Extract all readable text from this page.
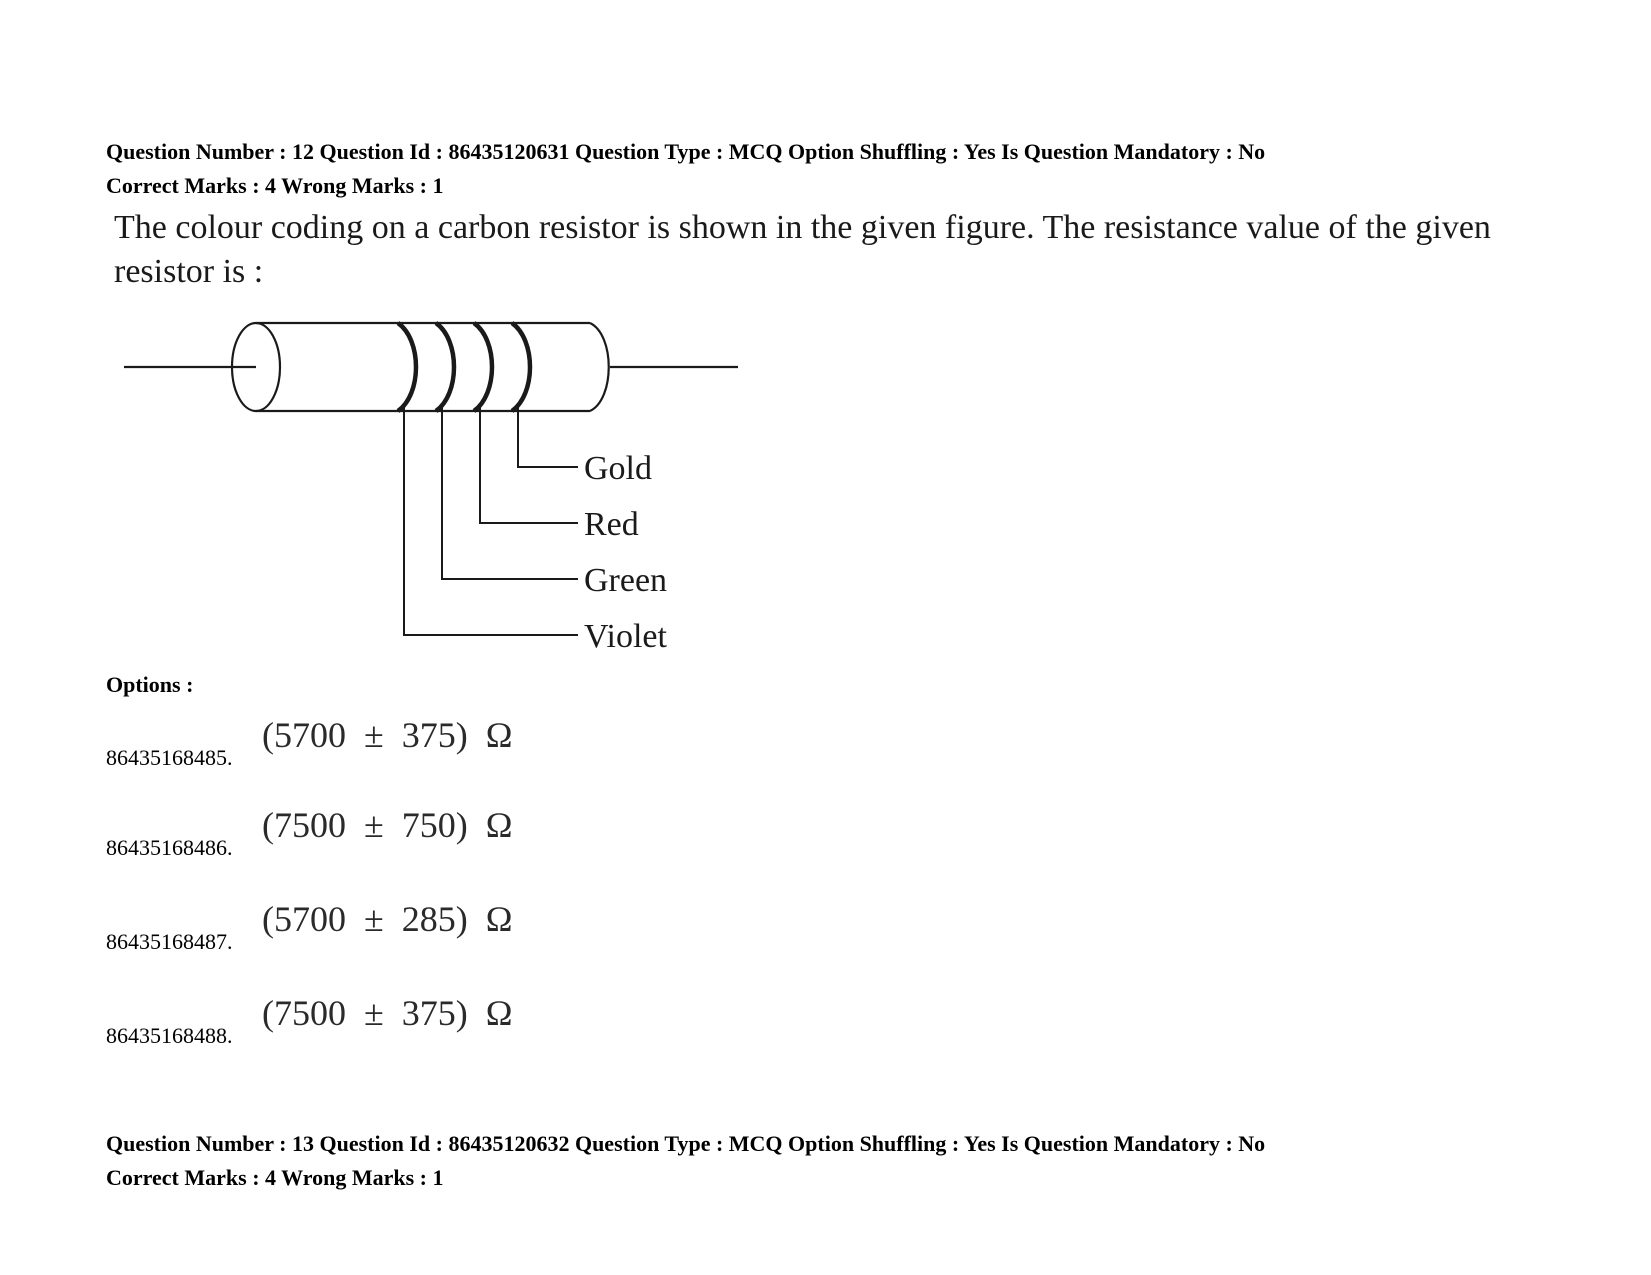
Question Number : 12 Question Id : 86435120631 Question Type : MCQ Option Shuffling : Yes Is Question Mandatory : No
Correct Marks : 4 Wrong Marks : 1
The colour coding on a carbon resistor is shown in the given figure. The resistance value of the given resistor is :
Gold
Red
Green
Violet
Options :
86435168485.
(5700  ±  375)  Ω
86435168486.
(7500  ±  750)  Ω
86435168487.
(5700  ±  285)  Ω
86435168488.
(7500  ±  375)  Ω
Question Number : 13 Question Id : 86435120632 Question Type : MCQ Option Shuffling : Yes Is Question Mandatory : No
Correct Marks : 4 Wrong Marks : 1
